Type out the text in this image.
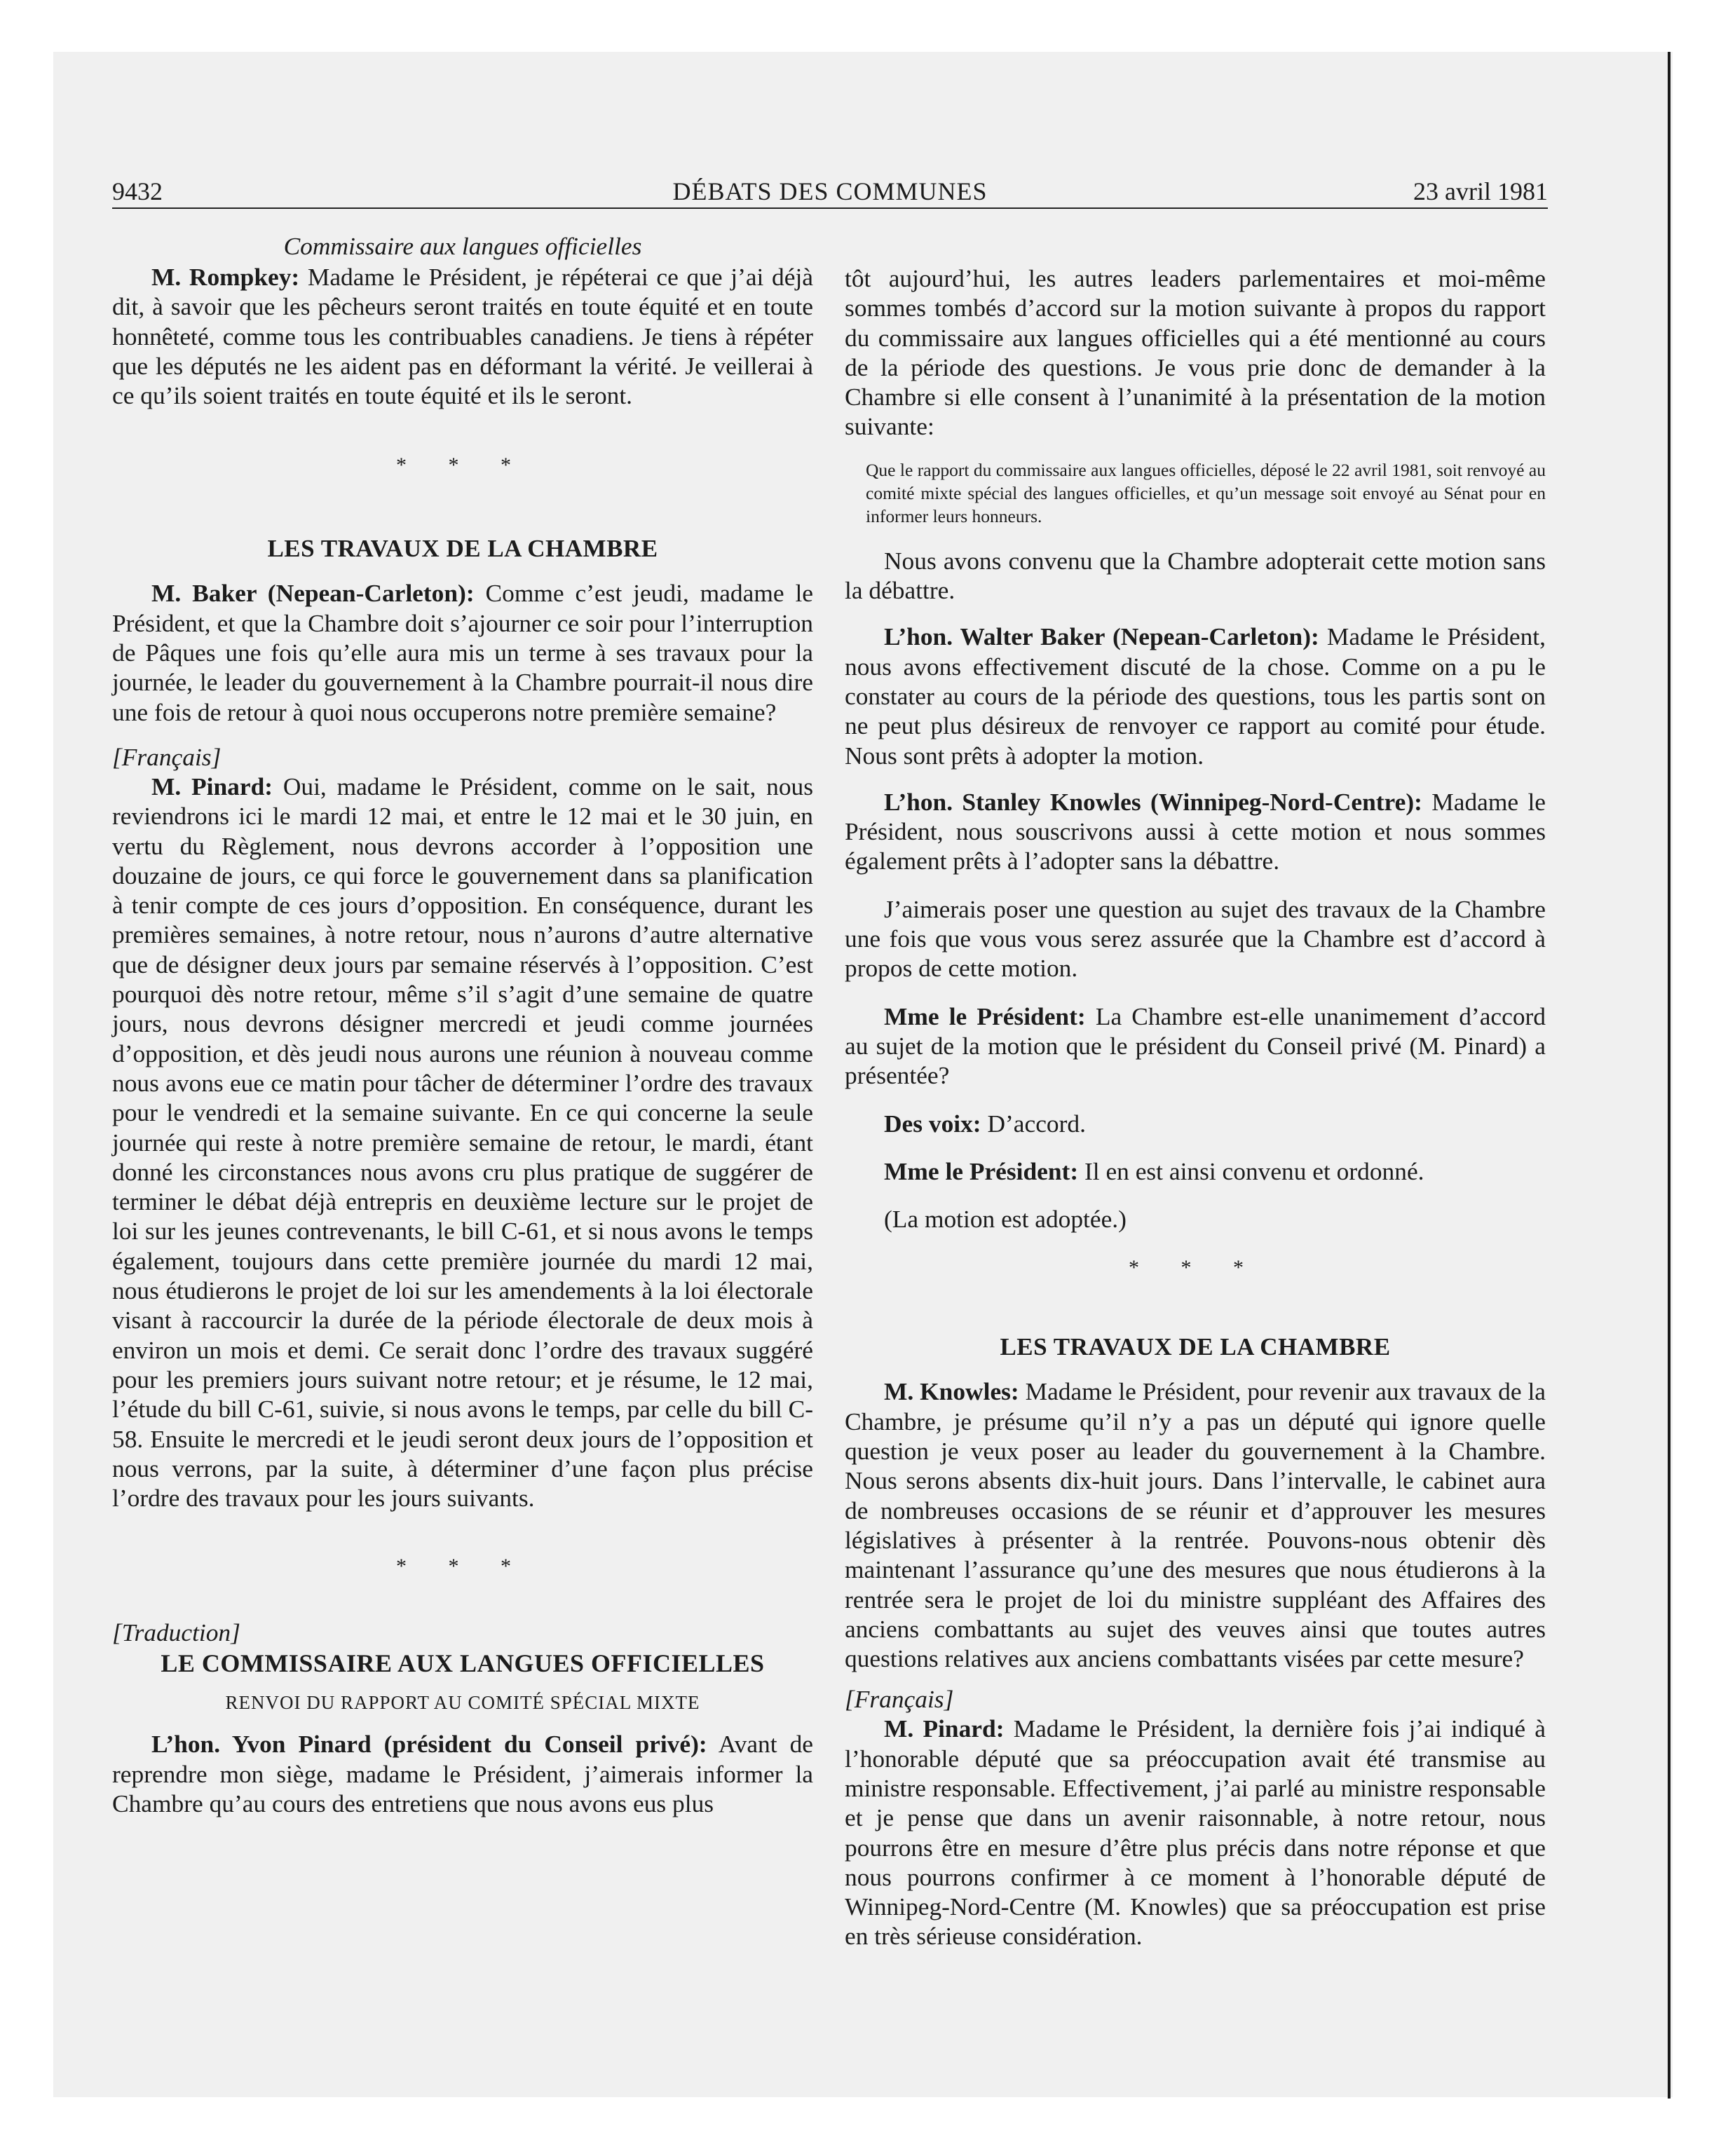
9432	DÉBATS DES COMMUNES	23 avril 1981
Commissaire aux langues officielles

M. Rompkey: Madame le Président, je répéterai ce que j’ai déjà dit, à savoir que les pêcheurs seront traités en toute équité et en toute honnêteté, comme tous les contribuables canadiens. Je tiens à répéter que les députés ne les aident pas en déformant la vérité. Je veillerai à ce qu’ils soient traités en toute équité et ils le seront.

* * *
LES TRAVAUX DE LA CHAMBRE

M. Baker (Nepean-Carleton): Comme c’est jeudi, madame le Président, et que la Chambre doit s’ajourner ce soir pour l’interruption de Pâques une fois qu’elle aura mis un terme à ses travaux pour la journée, le leader du gouvernement à la Chambre pourrait-il nous dire une fois de retour à quoi nous occuperons notre première semaine?

[Français]

M. Pinard: Oui, madame le Président, comme on le sait, nous reviendrons ici le mardi 12 mai, et entre le 12 mai et le 30 juin, en vertu du Règlement, nous devrons accorder à l’opposition une douzaine de jours, ce qui force le gouvernement dans sa planification à tenir compte de ces jours d’opposition. En conséquence, durant les premières semaines, à notre retour, nous n’aurons d’autre alternative que de désigner deux jours par semaine réservés à l’opposition. C’est pourquoi dès notre retour, même s’il s’agit d’une semaine de quatre jours, nous devrons désigner mercredi et jeudi comme journées d’opposition, et dès jeudi nous aurons une réunion à nouveau comme nous avons eue ce matin pour tâcher de déterminer l’ordre des travaux pour le vendredi et la semaine suivante. En ce qui concerne la seule journée qui reste à notre première semaine de retour, le mardi, étant donné les circonstances nous avons cru plus pratique de suggérer de terminer le débat déjà entrepris en deuxième lecture sur le projet de loi sur les jeunes contrevenants, le bill C-61, et si nous avons le temps également, toujours dans cette première journée du mardi 12 mai, nous étudierons le projet de loi sur les amendements à la loi électorale visant à raccourcir la durée de la période électorale de deux mois à environ un mois et demi. Ce serait donc l’ordre des travaux suggéré pour les premiers jours suivant notre retour; et je résume, le 12 mai, l’étude du bill C-61, suivie, si nous avons le temps, par celle du bill C-58. Ensuite le mercredi et le jeudi seront deux jours de l’opposition et nous verrons, par la suite, à déterminer d’une façon plus précise l’ordre des travaux pour les jours suivants.

* * *
[Traduction]
LE COMMISSAIRE AUX LANGUES OFFICIELLES
RENVOI DU RAPPORT AU COMITÉ SPÉCIAL MIXTE

L’hon. Yvon Pinard (président du Conseil privé): Avant de reprendre mon siège, madame le Président, j’aimerais informer la Chambre qu’au cours des entretiens que nous avons eus plus

tôt aujourd’hui, les autres leaders parlementaires et moi-même sommes tombés d’accord sur la motion suivante à propos du rapport du commissaire aux langues officielles qui a été mentionné au cours de la période des questions. Je vous prie donc de demander à la Chambre si elle consent à l’unanimité à la présentation de la motion suivante:

Que le rapport du commissaire aux langues officielles, déposé le 22 avril 1981, soit renvoyé au comité mixte spécial des langues officielles, et qu’un message soit envoyé au Sénat pour en informer leurs honneurs.

Nous avons convenu que la Chambre adopterait cette motion sans la débattre.

L’hon. Walter Baker (Nepean-Carleton): Madame le Président, nous avons effectivement discuté de la chose. Comme on a pu le constater au cours de la période des questions, tous les partis sont on ne peut plus désireux de renvoyer ce rapport au comité pour étude. Nous sont prêts à adopter la motion.

L’hon. Stanley Knowles (Winnipeg-Nord-Centre): Madame le Président, nous souscrivons aussi à cette motion et nous sommes également prêts à l’adopter sans la débattre.

J’aimerais poser une question au sujet des travaux de la Chambre une fois que vous vous serez assurée que la Chambre est d’accord à propos de cette motion.

Mme le Président: La Chambre est-elle unanimement d’accord au sujet de la motion que le président du Conseil privé (M. Pinard) a présentée?

Des voix: D’accord.

Mme le Président: Il en est ainsi convenu et ordonné.

(La motion est adoptée.)

* * *
LES TRAVAUX DE LA CHAMBRE

M. Knowles: Madame le Président, pour revenir aux travaux de la Chambre, je présume qu’il n’y a pas un député qui ignore quelle question je veux poser au leader du gouvernement à la Chambre. Nous serons absents dix-huit jours. Dans l’intervalle, le cabinet aura de nombreuses occasions de se réunir et d’approuver les mesures législatives à présenter à la rentrée. Pouvons-nous obtenir dès maintenant l’assurance qu’une des mesures que nous étudierons à la rentrée sera le projet de loi du ministre suppléant des Affaires des anciens combattants au sujet des veuves ainsi que toutes autres questions relatives aux anciens combattants visées par cette mesure?

[Français]

M. Pinard: Madame le Président, la dernière fois j’ai indiqué à l’honorable député que sa préoccupation avait été transmise au ministre responsable. Effectivement, j’ai parlé au ministre responsable et je pense que dans un avenir raisonnable, à notre retour, nous pourrons être en mesure d’être plus précis dans notre réponse et que nous pourrons confirmer à ce moment à l’honorable député de Winnipeg-Nord-Centre (M. Knowles) que sa préoccupation est prise en très sérieuse considération.
